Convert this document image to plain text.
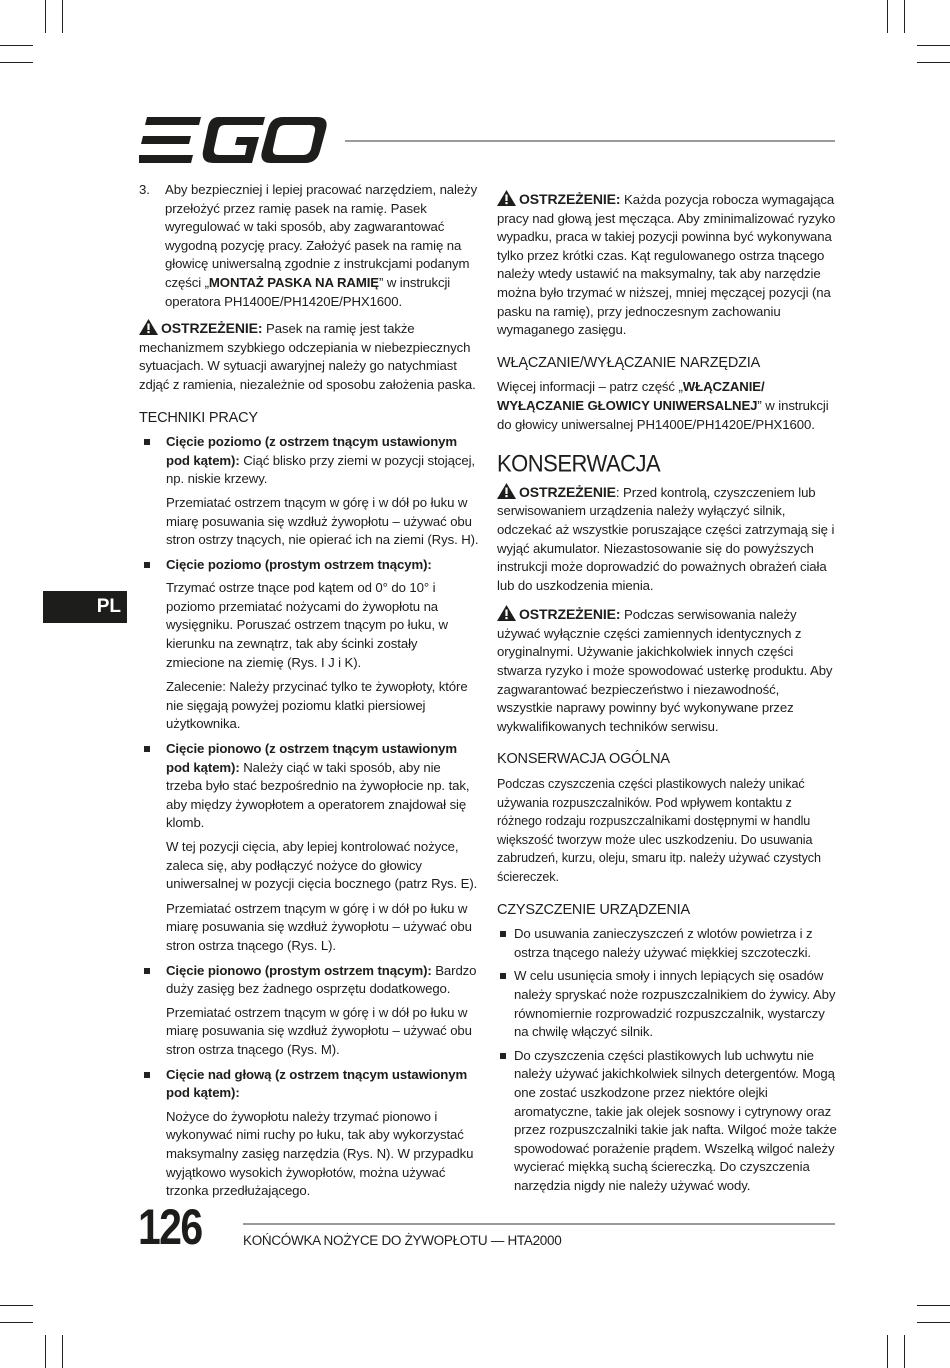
PL
3.	Aby bezpieczniej i lepiej pracować narzędziem, należy przełożyć przez ramię pasek na ramię. Pasek wyregulować w taki sposób, aby zagwarantować wygodną pozycję pracy. Założyć pasek na ramię na głowicę uniwersalną zgodnie z instrukcjami podanym części „MONTAŻ PASKA NA RAMIĘ” w instrukcji operatora PH1400E/PH1420E/PHX1600.

OSTRZEŻENIE: Pasek na ramię jest także mechanizmem szybkiego odczepiania w niebezpiecznych sytuacjach. W sytuacji awaryjnej należy go natychmiast zdjąć z ramienia, niezależnie od sposobu założenia paska.

TECHNIKI PRACY

Cięcie poziomo (z ostrzem tnącym ustawionym pod kątem): Ciąć blisko przy ziemi w pozycji stojącej, np. niskie krzewy.

Przemiatać ostrzem tnącym w górę i w dół po łuku w miarę posuwania się wzdłuż żywopłotu – używać obu stron ostrzy tnących, nie opierać ich na ziemi (Rys. H).

Cięcie poziomo (prostym ostrzem tnącym):

Trzymać ostrze tnące pod kątem od 0° do 10° i poziomo przemiatać nożycami do żywopłotu na wysięgniku. Poruszać ostrzem tnącym po łuku, w kierunku na zewnątrz, tak aby ścinki zostały zmiecione na ziemię (Rys. I J i K).

Zalecenie: Należy przycinać tylko te żywopłoty, które nie sięgają powyżej poziomu klatki piersiowej użytkownika.

Cięcie pionowo (z ostrzem tnącym ustawionym pod kątem): Należy ciąć w taki sposób, aby nie trzeba było stać bezpośrednio na żywopłocie np. tak, aby między żywopłotem a operatorem znajdował się klomb.

W tej pozycji cięcia, aby lepiej kontrolować nożyce, zaleca się, aby podłączyć nożyce do głowicy uniwersalnej w pozycji cięcia bocznego (patrz Rys. E).

Przemiatać ostrzem tnącym w górę i w dół po łuku w miarę posuwania się wzdłuż żywopłotu – używać obu stron ostrza tnącego (Rys. L).

Cięcie pionowo (prostym ostrzem tnącym): Bardzo duży zasięg bez żadnego osprzętu dodatkowego.

Przemiatać ostrzem tnącym w górę i w dół po łuku w miarę posuwania się wzdłuż żywopłotu – używać obu stron ostrza tnącego (Rys. M).

Cięcie nad głową (z ostrzem tnącym ustawionym pod kątem):

Nożyce do żywopłotu należy trzymać pionowo i wykonywać nimi ruchy po łuku, tak aby wykorzystać maksymalny zasięg narzędzia (Rys. N). W przypadku wyjątkowo wysokich żywopłotów, można używać trzonka przedłużającego.

OSTRZEŻENIE: Każda pozycja robocza wymagająca pracy nad głową jest męcząca. Aby zminimalizować ryzyko wypadku, praca w takiej pozycji powinna być wykonywana tylko przez krótki czas. Kąt regulowanego ostrza tnącego należy wtedy ustawić na maksymalny, tak aby narzędzie można było trzymać w niższej, mniej męczącej pozycji (na pasku na ramię), przy jednoczesnym zachowaniu wymaganego zasięgu.

WŁĄCZANIE/WYŁĄCZANIE NARZĘDZIA

Więcej informacji – patrz część „WŁĄCZANIE/ WYŁĄCZANIE GŁOWICY UNIWERSALNEJ” w instrukcji do głowicy uniwersalnej PH1400E/PH1420E/PHX1600.

KONSERWACJA

OSTRZEŻENIE: Przed kontrolą, czyszczeniem lub serwisowaniem urządzenia należy wyłączyć silnik, odczekać aż wszystkie poruszające części zatrzymają się i wyjąć akumulator. Niezastosowanie się do powyższych instrukcji może doprowadzić do poważnych obrażeń ciała lub do uszkodzenia mienia.

OSTRZEŻENIE: Podczas serwisowania należy używać wyłącznie części zamiennych identycznych z oryginalnymi. Używanie jakichkolwiek innych części stwarza ryzyko i może spowodować usterkę produktu. Aby zagwarantować bezpieczeństwo i niezawodność, wszystkie naprawy powinny być wykonywane przez wykwalifikowanych techników serwisu.

KONSERWACJA OGÓLNA

Podczas czyszczenia części plastikowych należy unikać używania rozpuszczalników. Pod wpływem kontaktu z różnego rodzaju rozpuszczalnikami dostępnymi w handlu większość tworzyw może ulec uszkodzeniu. Do usuwania zabrudzeń, kurzu, oleju, smaru itp. należy używać czystych ściereczek.

CZYSZCZENIE URZĄDZENIA

Do usuwania zanieczyszczeń z wlotów powietrza i z ostrza tnącego należy używać miękkiej szczoteczki.

W celu usunięcia smoły i innych lepiących się osadów należy spryskać noże rozpuszczalnikiem do żywicy. Aby równomiernie rozprowadzić rozpuszczalnik, wystarczy na chwilę włączyć silnik.

Do czyszczenia części plastikowych lub uchwytu nie należy używać jakichkolwiek silnych detergentów. Mogą one zostać uszkodzone przez niektóre olejki aromatyczne, takie jak olejek sosnowy i cytrynowy oraz przez rozpuszczalniki takie jak nafta. Wilgoć może także spowodować porażenie prądem. Wszelką wilgoć należy wycierać miękką suchą ściereczką. Do czyszczenia narzędzia nigdy nie należy używać wody.

126	KOŃCÓWKA NOŻYCE DO ŻYWOPŁOTU — HTA2000
